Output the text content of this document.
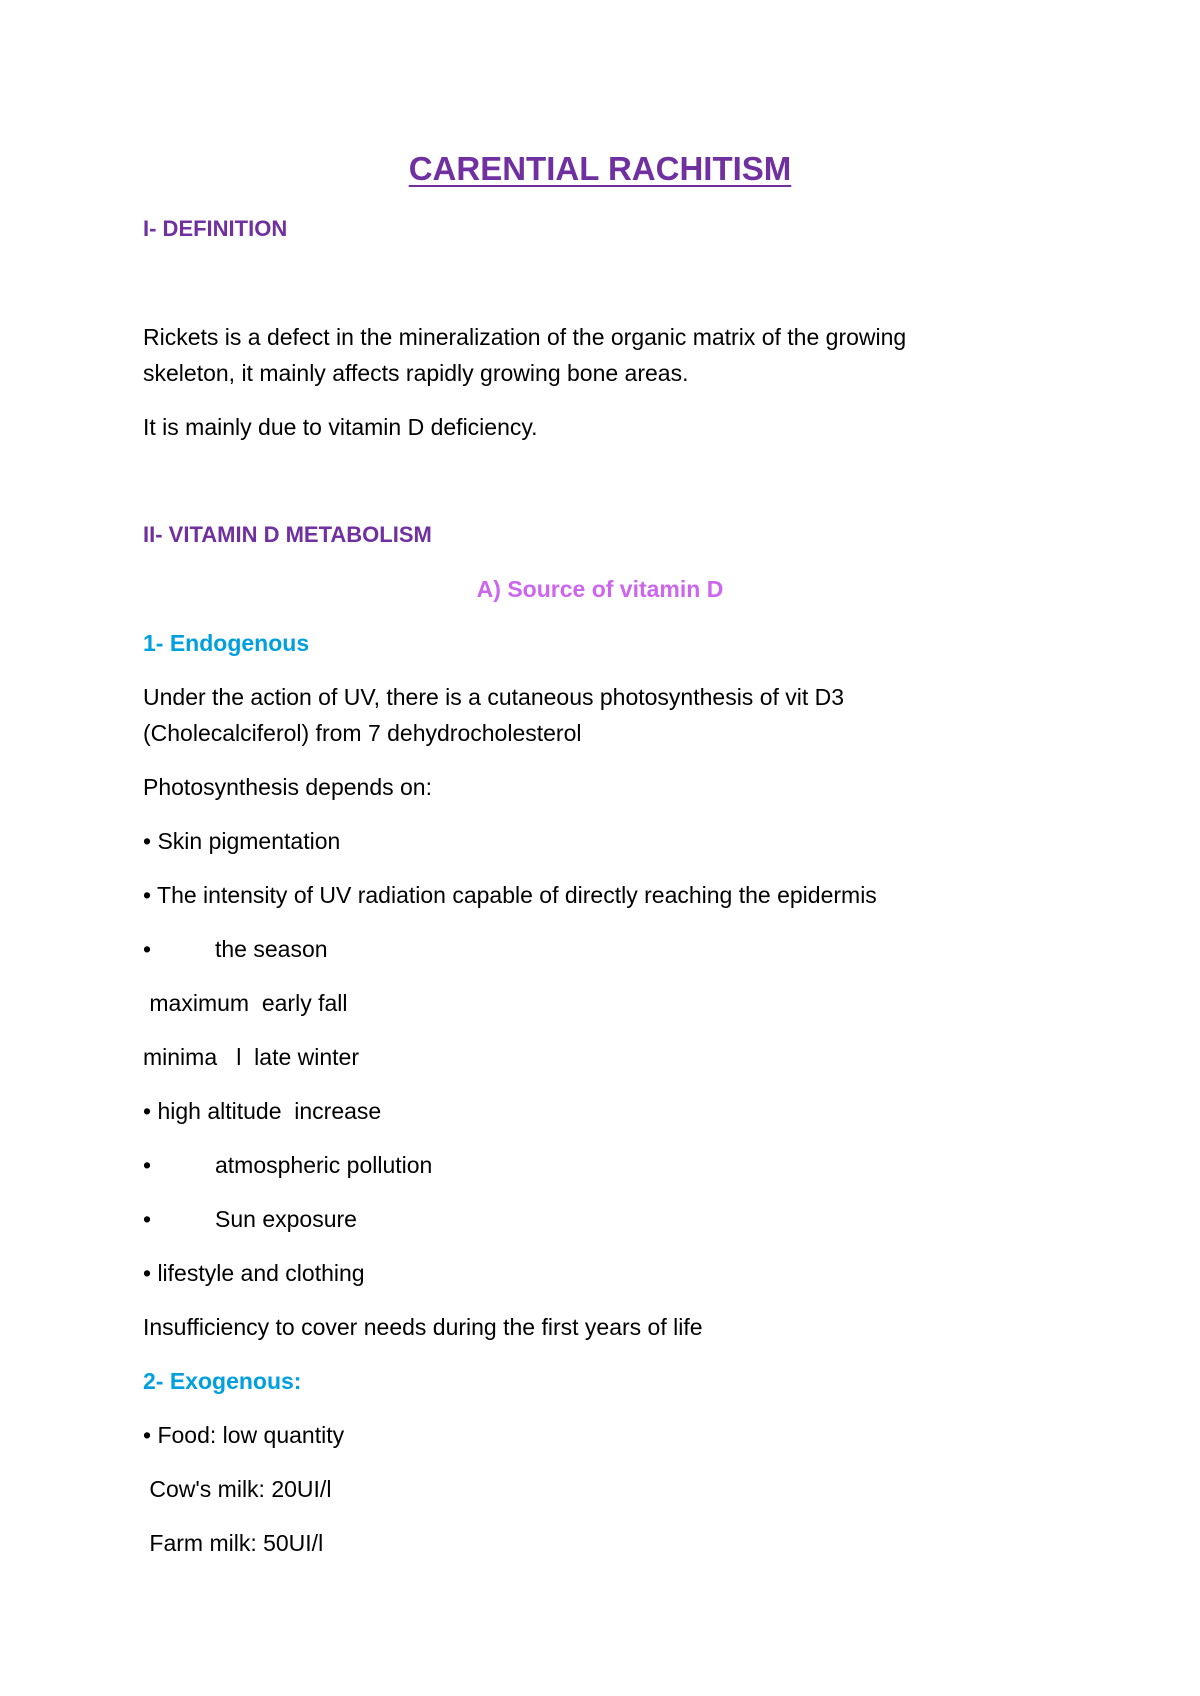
CARENTIAL RACHITISM
I- DEFINITION
Rickets is a defect in the mineralization of the organic matrix of the growing
skeleton, it mainly affects rapidly growing bone areas.
It is mainly due to vitamin D deficiency.
II- VITAMIN D METABOLISM
A) Source of vitamin D
1- Endogenous
Under the action of UV, there is a cutaneous photosynthesis of vit D3
(Cholecalciferol) from 7 dehydrocholesterol
Photosynthesis depends on:
• Skin pigmentation
• The intensity of UV radiation capable of directly reaching the epidermis
•	the season
maximum  early fall
minima   l  late winter
• high altitude  increase
•	atmospheric pollution
•	Sun exposure
• lifestyle and clothing
Insufficiency to cover needs during the first years of life
2- Exogenous:
• Food: low quantity
Cow's milk: 20UI/l
Farm milk: 50UI/l
